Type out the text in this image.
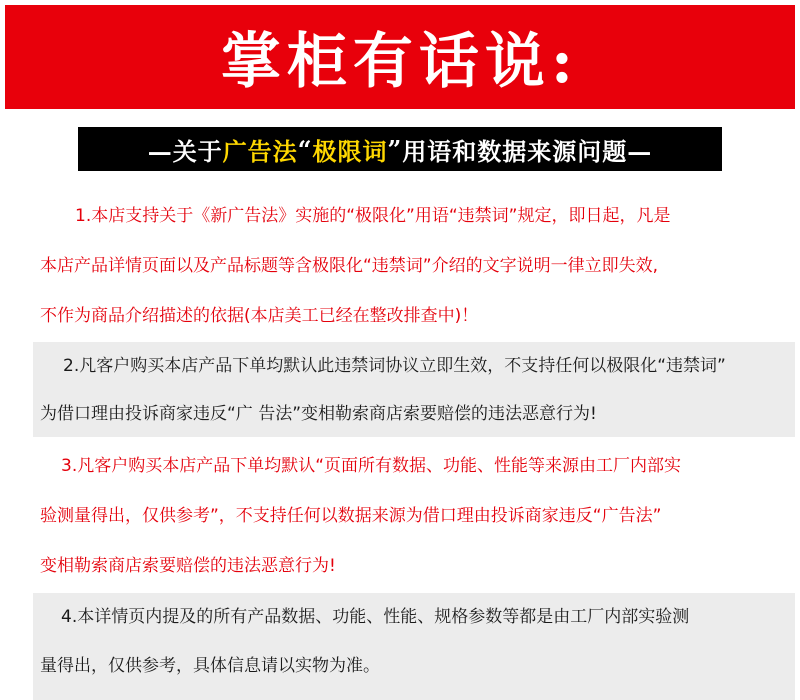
掌柜有话说:
—关于 广告法 “ 极限词 ” 用语和数据来源问题—
1.本店支持关于《新广告法》实施的“极限化”用语“违禁词”规定，即日起，凡是
本店产品详情页面以及产品标题等含极限化“违禁词”介绍的文字说明一律立即失效,
不作为商品介绍描述的依据(本店美工已经在整改排查中)！
2.凡客户购买本店产品下单均默认此违禁词协议立即生效，不支持任何以极限化“违禁词”
为借口理由投诉商家违反“广 告法”变相勒索商店索要赔偿的违法恶意行为!
3.凡客户购买本店产品下单均默认“页面所有数据、功能、性能等来源由工厂内部实
验测量得出，仅供参考”，不支持任何以数据来源为借口理由投诉商家违反“广告法”
变相勒索商店索要赔偿的违法恶意行为!
4.本详情页内提及的所有产品数据、功能、性能、规格参数等都是由工厂内部实验测
量得出，仅供参考，具体信息请以实物为准。
